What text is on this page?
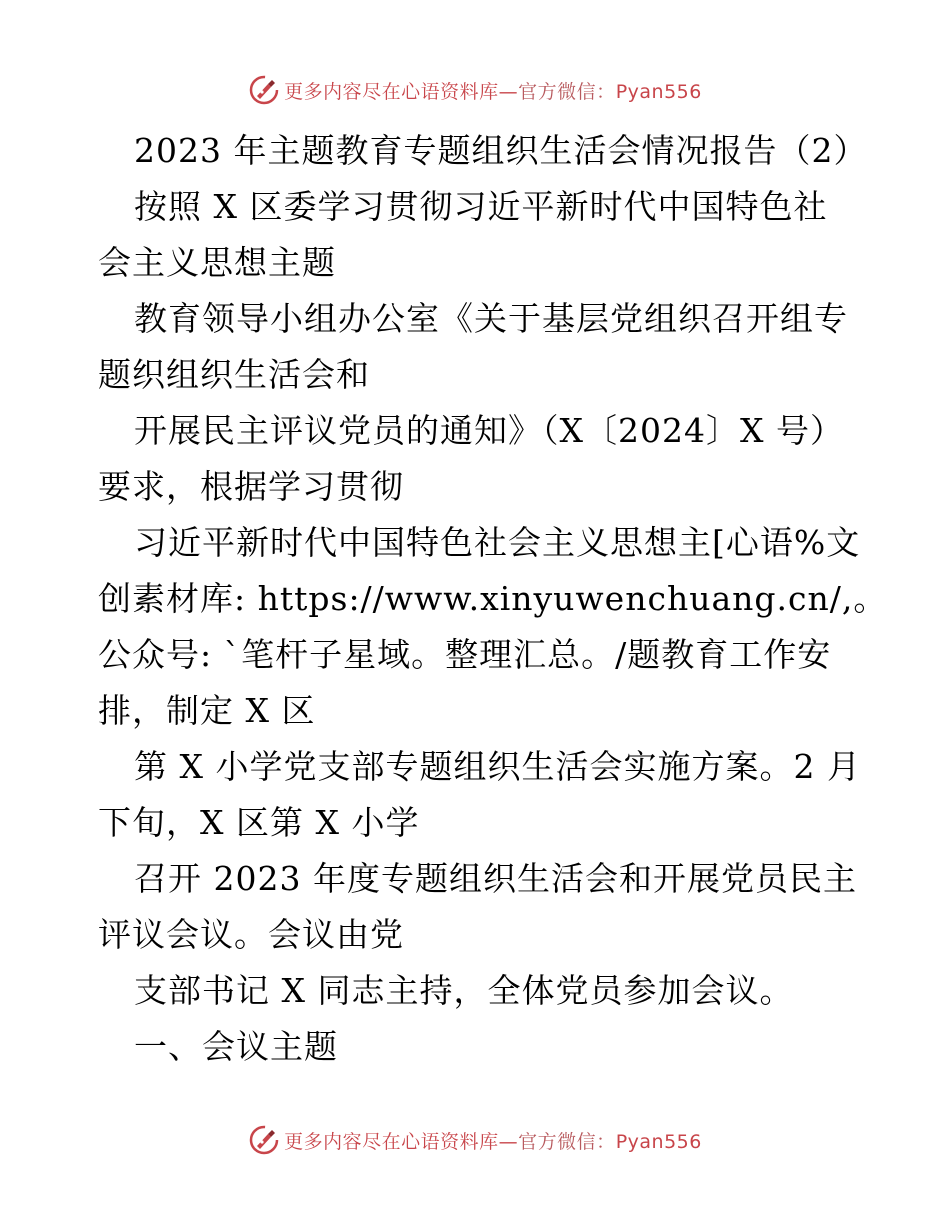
更多内容尽在心语资料库—官方微信：Pyan556
2023 年主题教育专题组织生活会情况报告（2）
按照 X 区委学习贯彻习近平新时代中国特色社
会主义思想主题
教育领导小组办公室《关于基层党组织召开组专
题织组织生活会和
开展民主评议党员的通知》（X〔2024〕X 号）
要求，根据学习贯彻
习近平新时代中国特色社会主义思想主[心语%文
创素材库: https://www.xinyuwenchuang.cn/,。
公众号: `笔杆子星域。整理汇总。/题教育工作安
排，制定 X 区
第 X 小学党支部专题组织生活会实施方案。2 月
下旬，X 区第 X 小学
召开 2023 年度专题组织生活会和开展党员民主
评议会议。会议由党
支部书记 X 同志主持，全体党员参加会议。
一、会议主题
更多内容尽在心语资料库—官方微信：Pyan556
